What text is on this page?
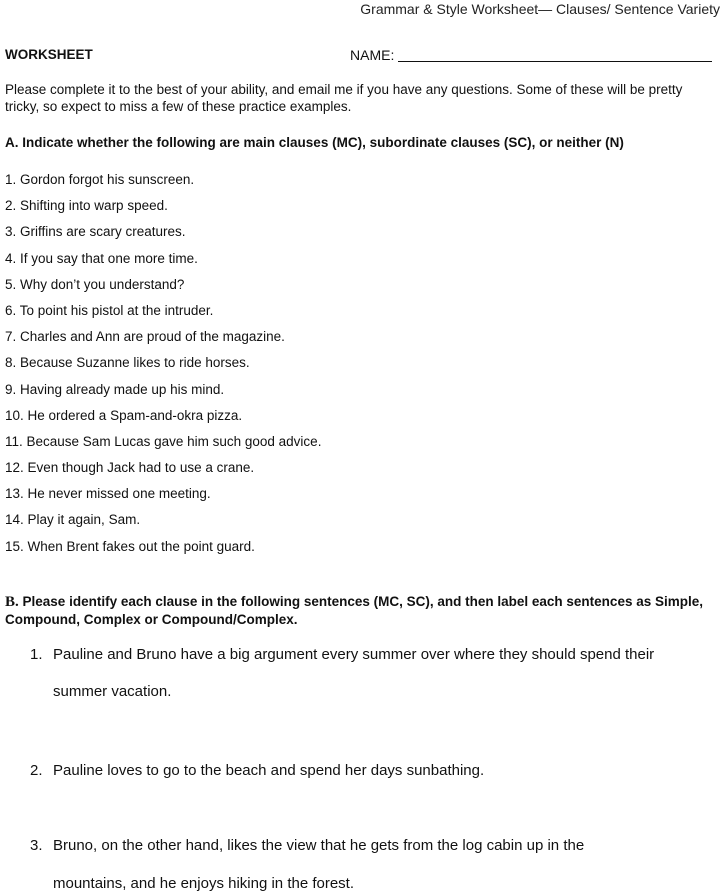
Grammar & Style Worksheet— Clauses/ Sentence Variety
WORKSHEET	NAME:
Please complete it to the best of your ability, and email me if you have any questions. Some of these will be pretty tricky, so expect to miss a few of these practice examples.
A. Indicate whether the following are main clauses (MC), subordinate clauses (SC), or neither (N)
1. Gordon forgot his sunscreen.
2. Shifting into warp speed.
3. Griffins are scary creatures.
4. If you say that one more time.
5. Why don’t you understand?
6. To point his pistol at the intruder.
7. Charles and Ann are proud of the magazine.
8. Because Suzanne likes to ride horses.
9. Having already made up his mind.
10. He ordered a Spam-and-okra pizza.
11. Because Sam Lucas gave him such good advice.
12. Even though Jack had to use a crane.
13. He never missed one meeting.
14. Play it again, Sam.
15. When Brent fakes out the point guard.
B. Please identify each clause in the following sentences (MC, SC), and then label each sentences as Simple, Compound, Complex or Compound/Complex.
1. Pauline and Bruno have a big argument every summer over where they should spend their
summer vacation.
2. Pauline loves to go to the beach and spend her days sunbathing.
3. Bruno, on the other hand, likes the view that he gets from the log cabin up in the
mountains, and he enjoys hiking in the forest.
